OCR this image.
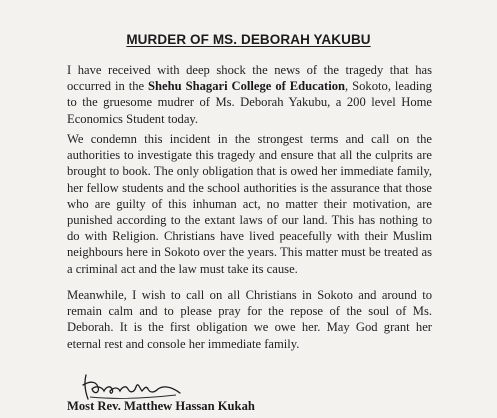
MURDER OF MS. DEBORAH YAKUBU

I have received with deep shock the news of the tragedy that has occurred in the Shehu Shagari College of Education, Sokoto, leading to the gruesome mudrer of Ms. Deborah Yakubu, a 200 level Home Economics Student today.

We condemn this incident in the strongest terms and call on the authorities to investigate this tragedy and ensure that all the culprits are brought to book. The only obligation that is owed her immediate family, her fellow students and the school authorities is the assurance that those who are guilty of this inhuman act, no matter their motivation, are punished according to the extant laws of our land. This has nothing to do with Religion. Christians have lived peacefully with their Muslim neighbours here in Sokoto over the years. This matter must be treated as a criminal act and the law must take its cause.

Meanwhile, I wish to call on all Christians in Sokoto and around to remain calm and to please pray for the repose of the soul of Ms. Deborah. It is the first obligation we owe her. May God grant her eternal rest and console her immediate family.

Most Rev. Matthew Hassan Kukah
